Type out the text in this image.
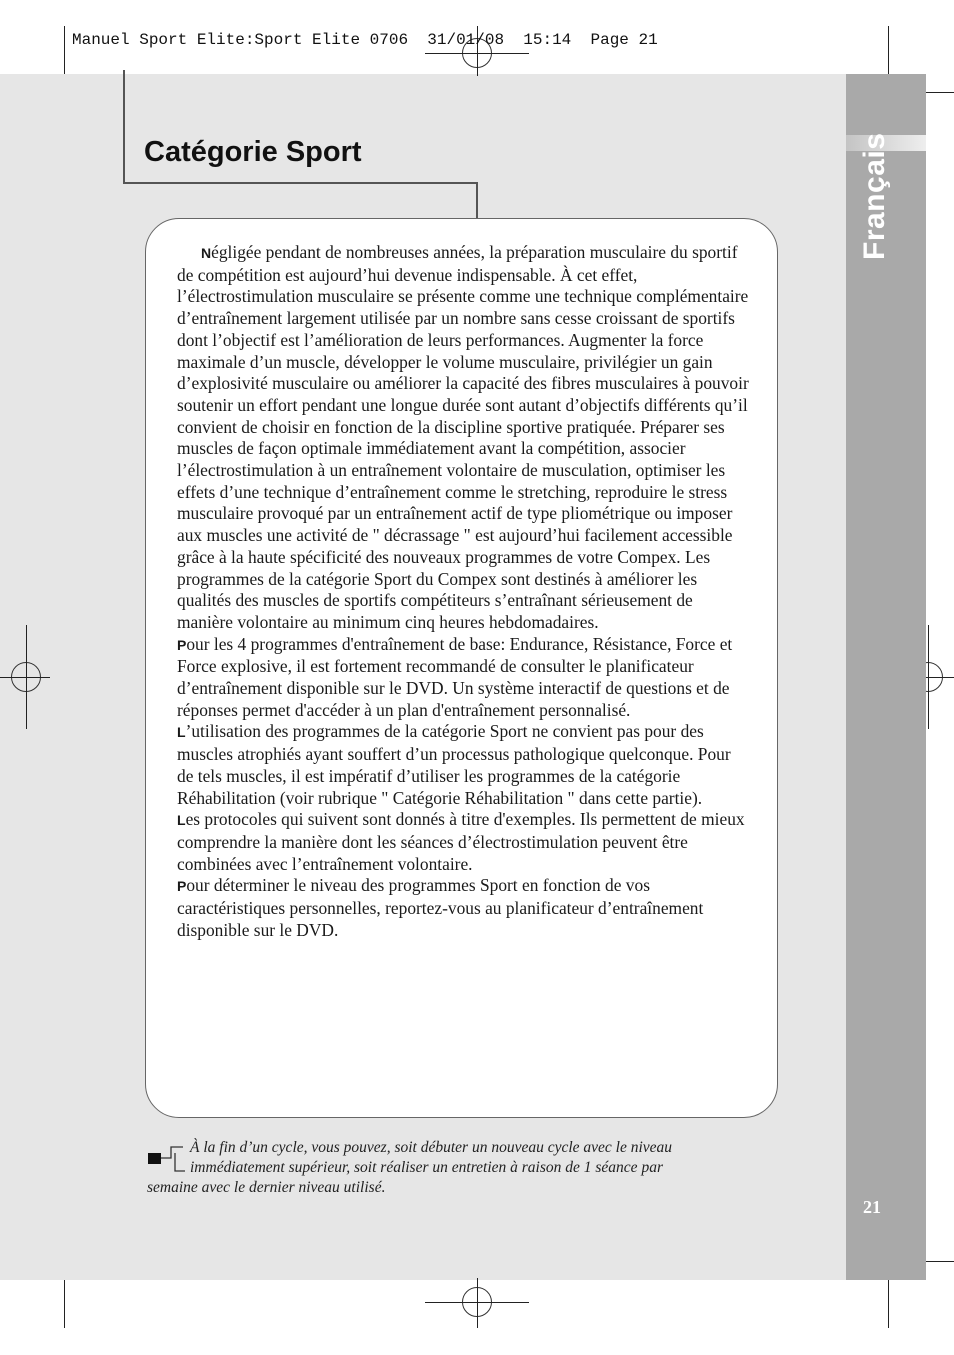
Manuel Sport Elite:Sport Elite 0706  31/01/08  15:14  Page 21
Français
21
Catégorie Sport

Négligée pendant de nombreuses années, la préparation musculaire du sportif de compétition est aujourd’hui devenue indispensable. À cet effet, l’électrostimulation musculaire se présente comme une technique complémentaire d’entraînement largement utilisée par un nombre sans cesse croissant de sportifs dont l’objectif est l’amélioration de leurs performances. Augmenter la force maximale d’un muscle, développer le volume musculaire, privilégier un gain d’explosivité musculaire ou améliorer la capacité des fibres musculaires à pouvoir soutenir un effort pendant une longue durée sont autant d’objectifs différents qu’il convient de choisir en fonction de la discipline sportive pratiquée. Préparer ses muscles de façon optimale immédiatement avant la compétition, associer l’électrostimulation à un entraînement volontaire de musculation, optimiser les effets d’une technique d’entraînement comme le stretching, reproduire le stress musculaire provoqué par un entraînement actif de type pliométrique ou imposer aux muscles une activité de " décrassage " est aujourd’hui facilement accessible grâce à la haute spécificité des nouveaux programmes de votre Compex. Les programmes de la catégorie Sport du Compex sont destinés à améliorer les qualités des muscles de sportifs compétiteurs s’entraînant sérieusement de manière volontaire au minimum cinq heures hebdomadaires.

Pour les 4 programmes d'entraînement de base: Endurance, Résistance, Force et Force explosive, il est fortement recommandé de consulter le planificateur d’entraînement disponible sur le DVD. Un système interactif de questions et de réponses permet d'accéder à un plan d'entraînement personnalisé.

L’utilisation des programmes de la catégorie Sport ne convient pas pour des muscles atrophiés ayant souffert d’un processus pathologique quelconque. Pour de tels muscles, il est impératif d’utiliser les programmes de la catégorie Réhabilitation (voir rubrique " Catégorie Réhabilitation " dans cette partie).

Les protocoles qui suivent sont donnés à titre d'exemples. Ils permettent de mieux comprendre la manière dont les séances d’électrostimulation peuvent être combinées avec l’entraînement volontaire.

Pour déterminer le niveau des programmes Sport en fonction de vos caractéristiques personnelles, reportez-vous au planificateur d’entraînement disponible sur le DVD.

À la fin d’un cycle, vous pouvez, soit débuter un nouveau cycle avec le niveau
immédiatement supérieur, soit réaliser un entretien à raison de 1 séance par
semaine avec le dernier niveau utilisé.
